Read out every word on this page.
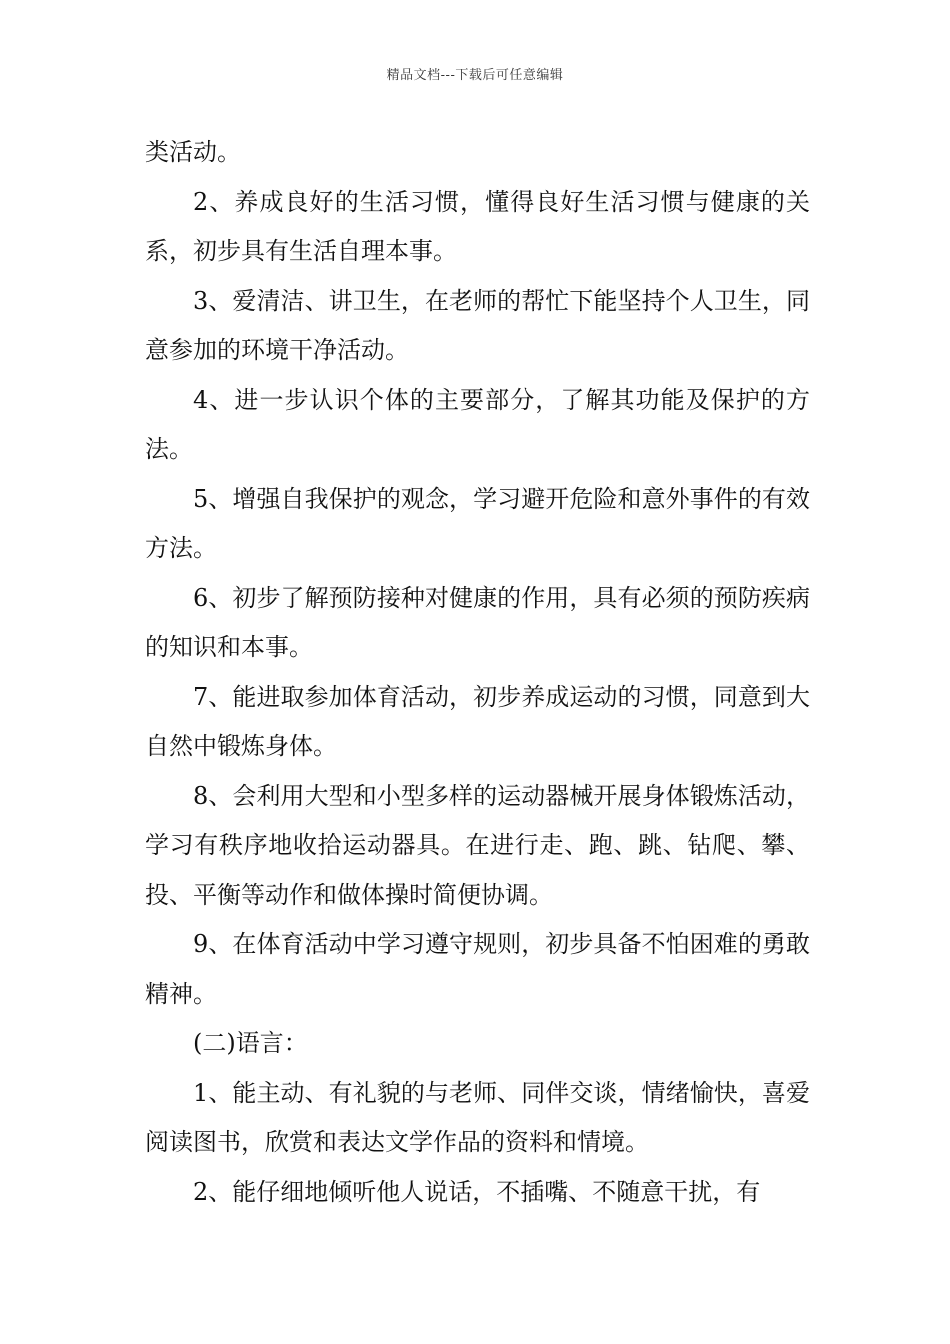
精品文档---下载后可任意编辑

类活动。

2、养成良好的生活习惯，懂得良好生活习惯与健康的关系，初步具有生活自理本事。

3、爱清洁、讲卫生，在老师的帮忙下能坚持个人卫生，同意参加的环境干净活动。

4、进一步认识个体的主要部分，了解其功能及保护的方法。

5、增强自我保护的观念，学习避开危险和意外事件的有效方法。

6、初步了解预防接种对健康的作用，具有必须的预防疾病的知识和本事。

7、能进取参加体育活动，初步养成运动的习惯，同意到大自然中锻炼身体。

8、会利用大型和小型多样的运动器械开展身体锻炼活动，学习有秩序地收拾运动器具。在进行走、跑、跳、钻爬、攀、投、平衡等动作和做体操时简便协调。

9、在体育活动中学习遵守规则，初步具备不怕困难的勇敢精神。

(二)语言：

1、能主动、有礼貌的与老师、同伴交谈，情绪愉快，喜爱阅读图书，欣赏和表达文学作品的资料和情境。

2、能仔细地倾听他人说话，不插嘴、不随意干扰，有
